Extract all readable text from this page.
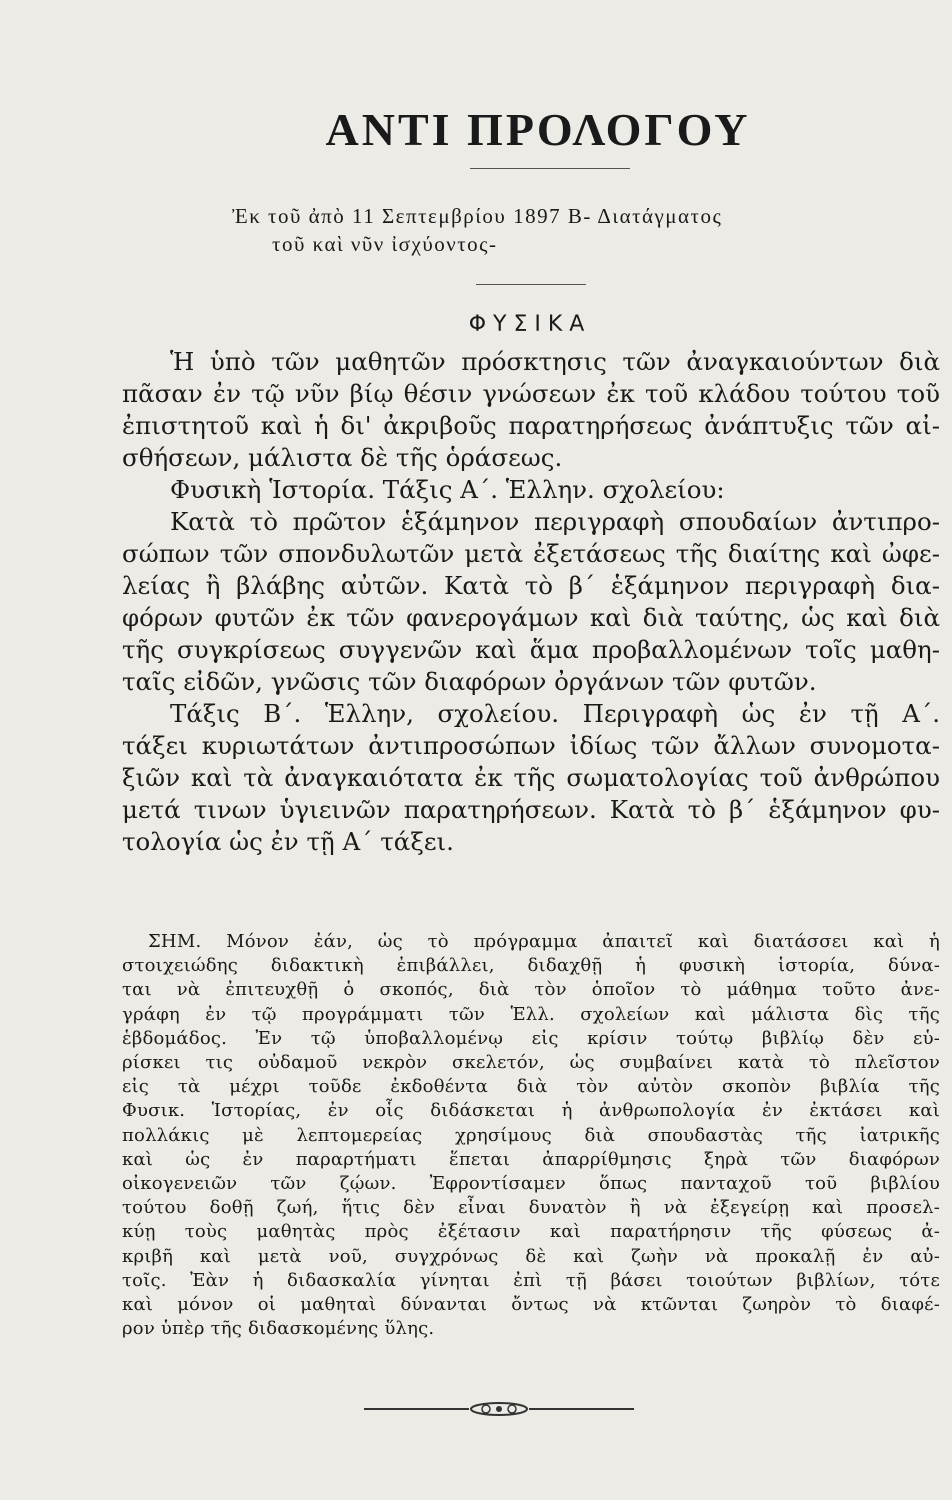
ΑΝΤΙ ΠΡΟΛΟΓΟΥ
Ἐκ τοῦ ἀπὸ 11 Σεπτεμβρίου 1897 Β- Διατάγματος
τοῦ καὶ νῦν ἰσχύοντος-
ΦΥΣΙΚΑ
Ἡ ὑπὸ τῶν μαθητῶν πρόσκτησις τῶν ἀναγκαιούντων διὰ
πᾶσαν ἐν τῷ νῦν βίῳ θέσιν γνώσεων ἐκ τοῦ κλάδου τούτου τοῦ
ἐπιστητοῦ καὶ ἡ δι' ἀκριβοῦς παρατηρήσεως ἀνάπτυξις τῶν αἰ-
σθήσεων, μάλιστα δὲ τῆς ὁράσεως.
Φυσικὴ Ἱστορία. Τάξις Α΄. Ἑλλην. σχολείου:
Κατὰ τὸ πρῶτον ἑξάμηνον περιγραφὴ σπουδαίων ἀντιπρο-
σώπων τῶν σπονδυλωτῶν μετὰ ἐξετάσεως τῆς διαίτης καὶ ὠφε-
λείας ἢ βλάβης αὐτῶν. Κατὰ τὸ β΄ ἑξάμηνον περιγραφὴ δια-
φόρων φυτῶν ἐκ τῶν φανερογάμων καὶ διὰ ταύτης, ὡς καὶ διὰ
τῆς συγκρίσεως συγγενῶν καὶ ἅμα προβαλλομένων τοῖς μαθη-
ταῖς εἰδῶν, γνῶσις τῶν διαφόρων ὀργάνων τῶν φυτῶν.
Τάξις Β΄. Ἑλλην, σχολείου. Περιγραφὴ ὡς ἐν τῇ Α΄.
τάξει κυριωτάτων ἀντιπροσώπων ἰδίως τῶν ἄλλων συνομοτα-
ξιῶν καὶ τὰ ἀναγκαιότατα ἐκ τῆς σωματολογίας τοῦ ἀνθρώπου
μετά τινων ὑγιεινῶν παρατηρήσεων. Κατὰ τὸ β΄ ἑξάμηνον φυ-
τολογία ὡς ἐν τῇ Α΄ τάξει.
ΣΗΜ. Μόνον ἐάν, ὡς τὸ πρόγραμμα ἀπαιτεῖ καὶ διατάσσει καὶ ἡ
στοιχειώδης διδακτικὴ ἐπιβάλλει, διδαχθῇ ἡ φυσικὴ ἱστορία, δύνα-
ται νὰ ἐπιτευχθῇ ὁ σκοπός, διὰ τὸν ὁποῖον τὸ μάθημα τοῦτο ἀνε-
γράφη ἐν τῷ προγράμματι τῶν Ἑλλ. σχολείων καὶ μάλιστα δὶς τῆς
ἑβδομάδος. Ἐν τῷ ὑποβαλλομένῳ εἰς κρίσιν τούτῳ βιβλίῳ δὲν εὑ-
ρίσκει τις οὐδαμοῦ νεκρὸν σκελετόν, ὡς συμβαίνει κατὰ τὸ πλεῖστον
εἰς τὰ μέχρι τοῦδε ἐκδοθέντα διὰ τὸν αὐτὸν σκοπὸν βιβλία τῆς
Φυσικ. Ἱστορίας, ἐν οἷς διδάσκεται ἡ ἀνθρωπολογία ἐν ἐκτάσει καὶ
πολλάκις μὲ λεπτομερείας χρησίμους διὰ σπουδαστὰς τῆς ἰατρικῆς
καὶ ὡς ἐν παραρτήματι ἕπεται ἀπαρρίθμησις ξηρὰ τῶν διαφόρων
οἰκογενειῶν τῶν ζῴων. Ἐφροντίσαμεν ὅπως πανταχοῦ τοῦ βιβλίου
τούτου δοθῇ ζωή, ἥτις δὲν εἶναι δυνατὸν ἢ νὰ ἐξεγείρῃ καὶ προσελ-
κύῃ τοὺς μαθητὰς πρὸς ἐξέτασιν καὶ παρατήρησιν τῆς φύσεως ἀ-
κριβῆ καὶ μετὰ νοῦ, συγχρόνως δὲ καὶ ζωὴν νὰ προκαλῇ ἐν αὐ-
τοῖς. Ἐὰν ἡ διδασκαλία γίνηται ἐπὶ τῇ βάσει τοιούτων βιβλίων, τότε
καὶ μόνον οἱ μαθηταὶ δύνανται ὄντως νὰ κτῶνται ζωηρὸν τὸ διαφέ-
ρον ὑπὲρ τῆς διδασκομένης ὕλης.
